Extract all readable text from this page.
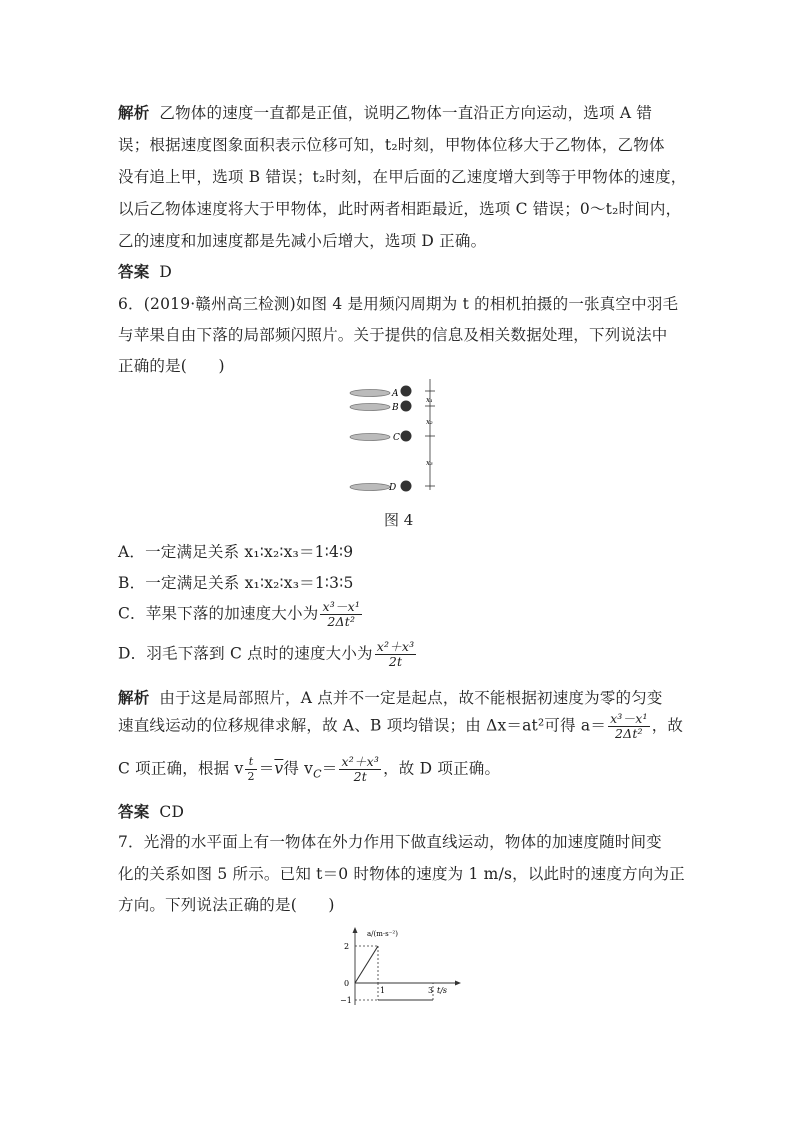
解析 乙物体的速度一直都是正值，说明乙物体一直沿正方向运动，选项 A 错
误；根据速度图象面积表示位移可知，t₂时刻，甲物体位移大于乙物体，乙物体
没有追上甲，选项 B 错误；t₂时刻，在甲后面的乙速度增大到等于甲物体的速度，
以后乙物体速度将大于甲物体，此时两者相距最近，选项 C 错误；0～t₂时间内，
乙的速度和加速度都是先减小后增大，选项 D 正确。
答案 D
6．(2019·赣州高三检测)如图 4 是用频闪周期为 t 的相机拍摄的一张真空中羽毛
与苹果自由下落的局部频闪照片。关于提供的信息及相关数据处理，下列说法中
正确的是(　　)
A
B
C
D
x₁
x₂
x₃
图 4
A．一定满足关系 x₁∶x₂∶x₃＝1∶4∶9
B．一定满足关系 x₁∶x₂∶x₃＝1∶3∶5
C．苹果下落的加速度大小为 $\frac{\text{x³－x¹}}{\text{2Δt²}}$
D．羽毛下落到 C 点时的速度大小为 $\frac{\text{x²＋x³}}{2t}$
解析 由于这是局部照片，A 点并不一定是起点，故不能根据初速度为零的匀变
速直线运动的位移规律求解，故 A、B 项均错误；由 Δx＝at²可得 $a= \frac{\text{x³－x¹}}{\text{2Δt²}}$ ，故
C 项正确，根据 v $\frac{t}{2} =\overline{v}$得 $v_C= \frac{\text{x²＋x³}}{2t}$ ，故 D 项正确。
答案 CD
7．光滑的水平面上有一物体在外力作用下做直线运动，物体的加速度随时间变
化的关系如图 5 所示。已知 t＝0 时物体的速度为 1 m/s，以此时的速度方向为正
方向。下列说法正确的是(　　)
a/(m·s⁻²)
t/s
2
0
−1
1	3
